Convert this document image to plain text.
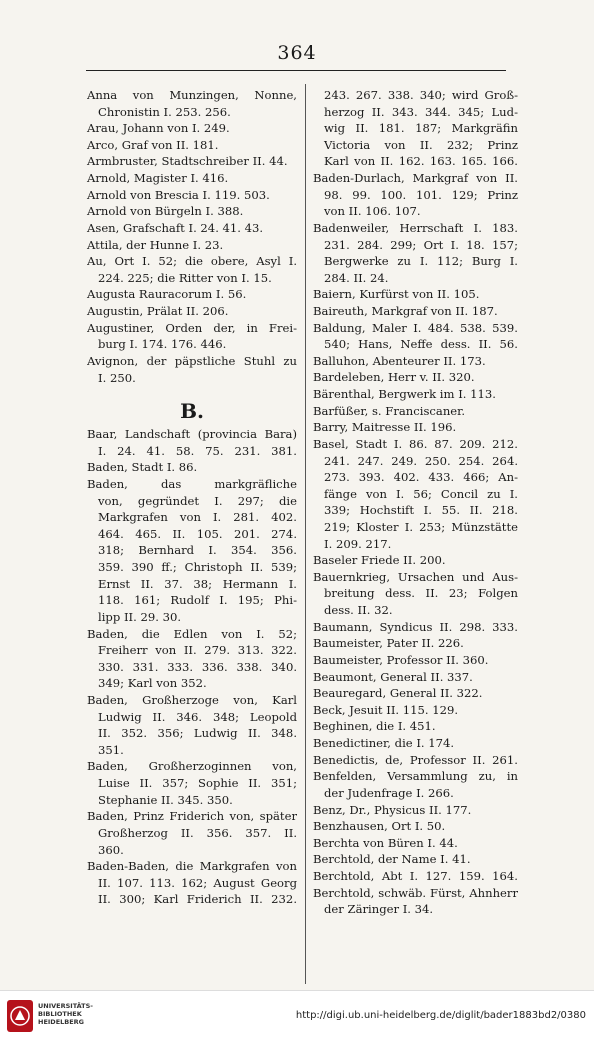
364
Anna von Munzingen, Nonne,
Chronistin I. 253. 256.
Arau, Johann von I. 249.
Arco, Graf von II. 181.
Armbruster, Stadtschreiber II. 44.
Arnold, Magister I. 416.
Arnold von Brescia I. 119. 503.
Arnold von Bürgeln I. 388.
Asen, Grafschaft I. 24. 41. 43.
Attila, der Hunne I. 23.
Au, Ort I. 52; die obere, Asyl I.
224. 225; die Ritter von I. 15.
Augusta Rauracorum I. 56.
Augustin, Prälat II. 206.
Augustiner, Orden der, in Frei-
burg I. 174. 176. 446.
Avignon, der päpstliche Stuhl zu
I. 250.
B.
Baar, Landschaft (provincia Bara)
I. 24. 41. 58. 75. 231. 381.
Baden, Stadt I. 86.
Baden, das markgräfliche
von, gegründet I. 297; die
Markgrafen von I. 281. 402.
464. 465. II. 105. 201. 274.
318; Bernhard I. 354. 356.
359. 390 ff.; Christoph II. 539;
Ernst II. 37. 38; Hermann I.
118. 161; Rudolf I. 195; Phi-
lipp II. 29. 30.
Baden, die Edlen von I. 52;
Freiherr von II. 279. 313. 322.
330. 331. 333. 336. 338. 340.
349; Karl von 352.
Baden, Großherzoge von, Karl
Ludwig II. 346. 348; Leopold
II. 352. 356; Ludwig II. 348.
351.
Baden, Großherzoginnen von,
Luise II. 357; Sophie II. 351;
Stephanie II. 345. 350.
Baden, Prinz Friderich von, später
Großherzog II. 356. 357. II.
360.
Baden-Baden, die Markgrafen von
II. 107. 113. 162; August Georg
II. 300; Karl Friderich II. 232.
243. 267. 338. 340; wird Groß-
herzog II. 343. 344. 345; Lud-
wig II. 181. 187; Markgräfin
Victoria von II. 232; Prinz
Karl von II. 162. 163. 165. 166.
Baden-Durlach, Markgraf von II.
98. 99. 100. 101. 129; Prinz
von II. 106. 107.
Badenweiler, Herrschaft I. 183.
231. 284. 299; Ort I. 18. 157;
Bergwerke zu I. 112; Burg I.
284. II. 24.
Baiern, Kurfürst von II. 105.
Baireuth, Markgraf von II. 187.
Baldung, Maler I. 484. 538. 539.
540; Hans, Neffe dess. II. 56.
Balluhon, Abenteurer II. 173.
Bardeleben, Herr v. II. 320.
Bärenthal, Bergwerk im I. 113.
Barfüßer, s. Franciscaner.
Barry, Maitresse II. 196.
Basel, Stadt I. 86. 87. 209. 212.
241. 247. 249. 250. 254. 264.
273. 393. 402. 433. 466; An-
fänge von I. 56; Concil zu I.
339; Hochstift I. 55. II. 218.
219; Kloster I. 253; Münzstätte
I. 209. 217.
Baseler Friede II. 200.
Bauernkrieg, Ursachen und Aus-
breitung dess. II. 23; Folgen
dess. II. 32.
Baumann, Syndicus II. 298. 333.
Baumeister, Pater II. 226.
Baumeister, Professor II. 360.
Beaumont, General II. 337.
Beauregard, General II. 322.
Beck, Jesuit II. 115. 129.
Beghinen, die I. 451.
Benedictiner, die I. 174.
Benedictis, de, Professor II. 261.
Benfelden, Versammlung zu, in
der Judenfrage I. 266.
Benz, Dr., Physicus II. 177.
Benzhausen, Ort I. 50.
Berchta von Büren I. 44.
Berchtold, der Name I. 41.
Berchtold, Abt I. 127. 159. 164.
Berchtold, schwäb. Fürst, Ahnherr
der Zäringer I. 34.
UNIVERSITÄTS-
BIBLIOTHEK
HEIDELBERG
http://digi.ub.uni-heidelberg.de/diglit/bader1883bd2/0380
